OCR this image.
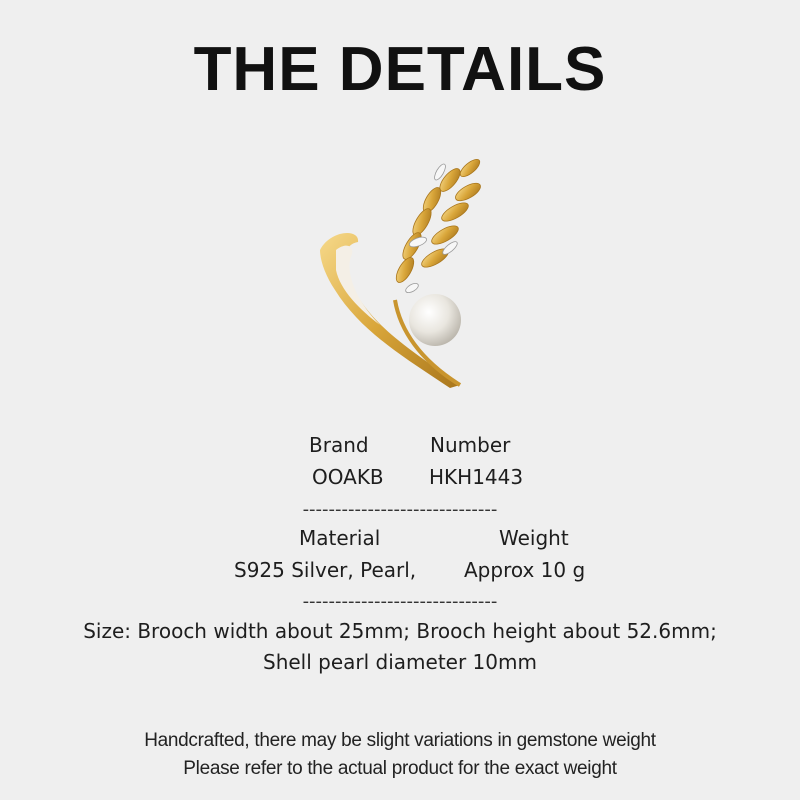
THE DETAILS
Brand	Number
OOAKB HKH1443
------------------------------
Material	Weight
S925 Silver, Pearl, Approx 10 g
------------------------------
Size: Brooch width about 25mm; Brooch height about 52.6mm;
Shell pearl diameter 10mm
Handcrafted, there may be slight variations in gemstone weight
Please refer to the actual product for the exact weight
